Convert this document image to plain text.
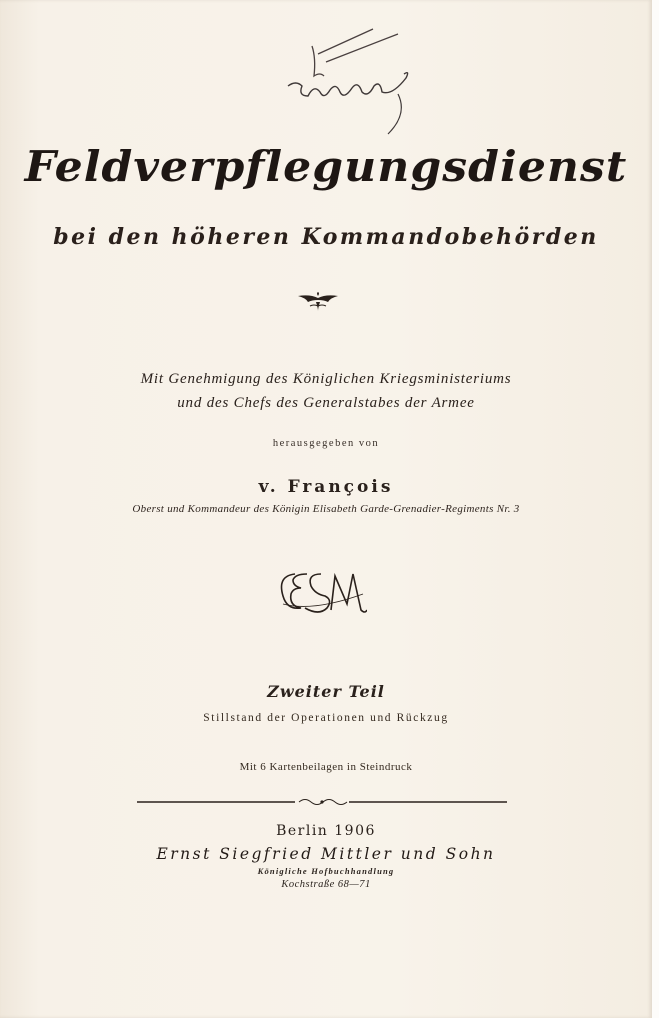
Feldverpflegungsdienst
bei den höheren Kommandobehörden
Mit Genehmigung des Königlichen Kriegsministeriums
und des Chefs des Generalstabes der Armee
herausgegeben von
v. François
Oberst und Kommandeur des Königin Elisabeth Garde-Grenadier-Regiments Nr. 3
Zweiter Teil
Stillstand der Operationen und Rückzug
Mit 6 Kartenbeilagen in Steindruck
Berlin 1906
Ernst Siegfried Mittler und Sohn
Königliche Hofbuchhandlung
Kochstraße 68—71
